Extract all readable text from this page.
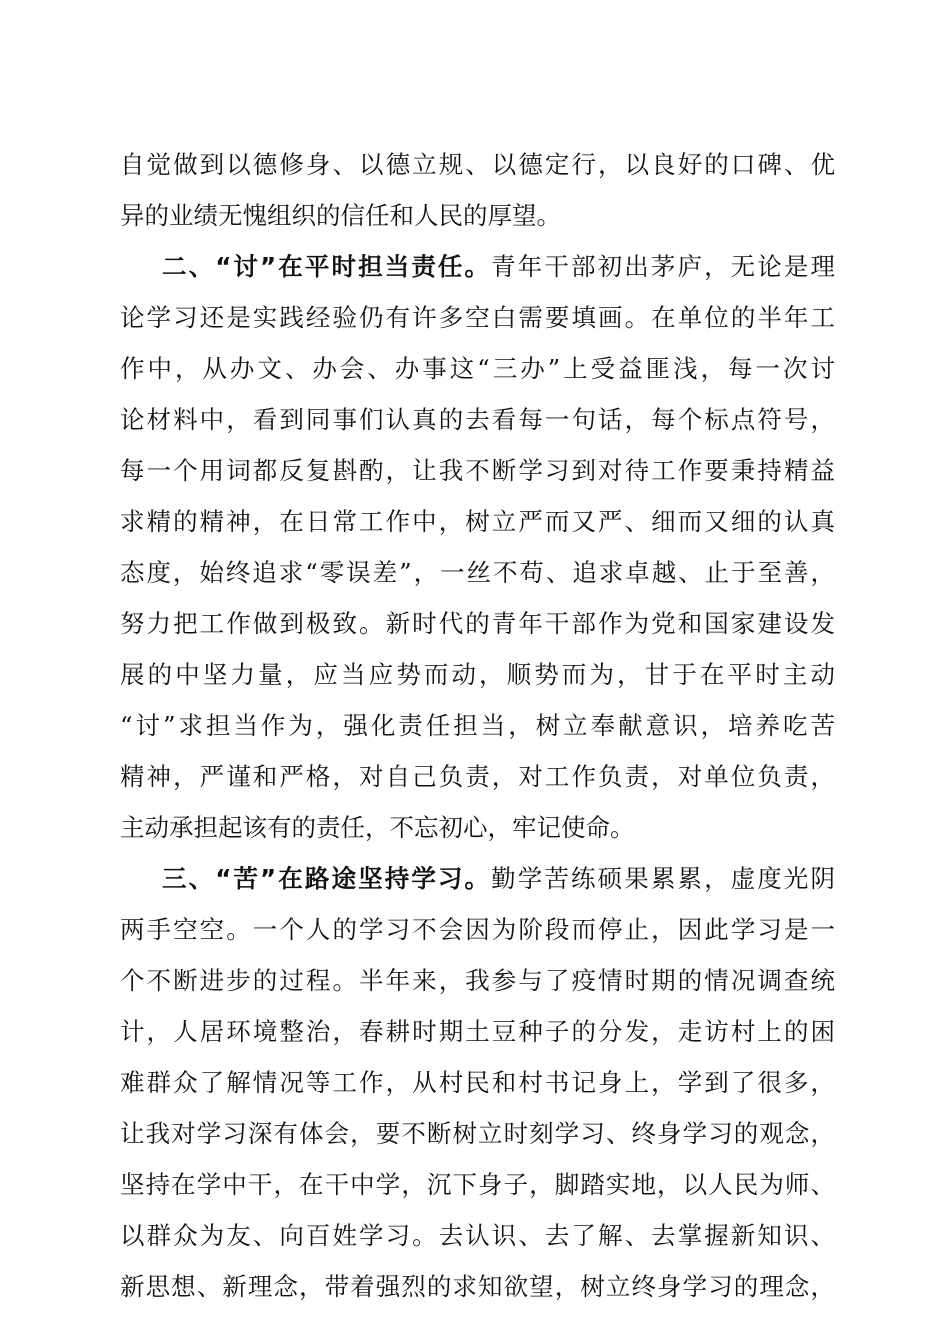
自觉做到以德修身、以德立规、以德定行，以良好的口碑、优
异的业绩无愧组织的信任和人民的厚望。
二、“讨”在平时担当责任。青年干部初出茅庐，无论是理
论学习还是实践经验仍有许多空白需要填画。在单位的半年工
作中，从办文、办会、办事这“三办”上受益匪浅，每一次讨
论材料中，看到同事们认真的去看每一句话，每个标点符号，
每一个用词都反复斟酌，让我不断学习到对待工作要秉持精益
求精的精神，在日常工作中，树立严而又严、细而又细的认真
态度，始终追求“零误差”，一丝不苟、追求卓越、止于至善，
努力把工作做到极致。新时代的青年干部作为党和国家建设发
展的中坚力量，应当应势而动，顺势而为，甘于在平时主动
“讨”求担当作为，强化责任担当，树立奉献意识，培养吃苦
精神，严谨和严格，对自己负责，对工作负责，对单位负责，
主动承担起该有的责任，不忘初心，牢记使命。
三、“苦”在路途坚持学习。勤学苦练硕果累累，虚度光阴
两手空空。一个人的学习不会因为阶段而停止，因此学习是一
个不断进步的过程。半年来，我参与了疫情时期的情况调查统
计，人居环境整治，春耕时期土豆种子的分发，走访村上的困
难群众了解情况等工作，从村民和村书记身上，学到了很多，
让我对学习深有体会，要不断树立时刻学习、终身学习的观念，
坚持在学中干，在干中学，沉下身子，脚踏实地，以人民为师、
以群众为友、向百姓学习。去认识、去了解、去掌握新知识、
新思想、新理念，带着强烈的求知欲望，树立终身学习的理念，
